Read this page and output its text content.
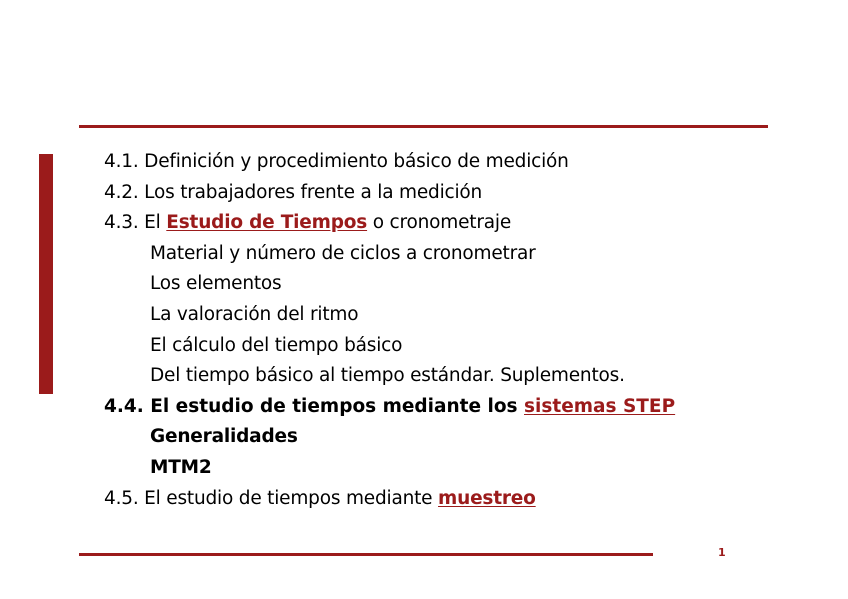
4.1. Definición y procedimiento básico de medición
4.2. Los trabajadores frente a la medición
4.3. El Estudio de Tiempos o cronometraje
Material y número de ciclos a cronometrar
Los elementos
La valoración del ritmo
El cálculo del tiempo básico
Del tiempo básico al tiempo estándar. Suplementos.
4.4. El estudio de tiempos mediante los sistemas STEP
Generalidades
MTM2
4.5. El estudio de tiempos mediante muestreo
1
